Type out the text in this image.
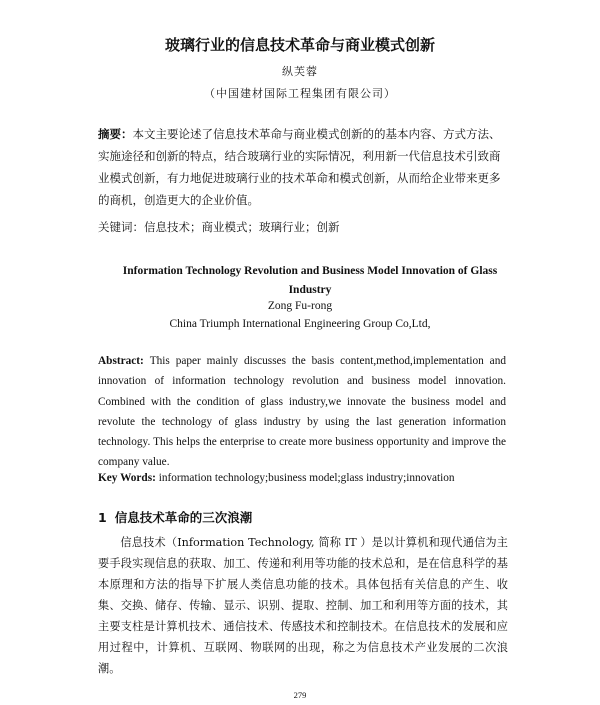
玻璃行业的信息技术革命与商业模式创新
纵芙蓉
（中国建材国际工程集团有限公司）
摘要：本文主要论述了信息技术革命与商业模式创新的的基本内容、方式方法、实施途径和创新的特点，结合玻璃行业的实际情况，利用新一代信息技术引致商业模式创新，有力地促进玻璃行业的技术革命和模式创新，从而给企业带来更多的商机，创造更大的企业价值。
关键词：信息技术；商业模式；玻璃行业；创新
Information Technology Revolution and Business Model Innovation of Glass Industry
Zong Fu-rong
China Triumph International Engineering Group Co,Ltd,
Abstract: This paper mainly discusses the basis content,method,implementation and innovation of information technology revolution and business model innovation. Combined with the condition of glass industry,we innovate the business model and revolute the technology of glass industry by using the last generation information technology. This helps the enterprise to create more business opportunity and improve the company value.
Key Words: information technology;business model;glass industry;innovation
1 信息技术革命的三次浪潮

信息技术（Information Technology, 简称 IT ）是以计算机和现代通信为主要手段实现信息的获取、加工、传递和利用等功能的技术总和，是在信息科学的基本原理和方法的指导下扩展人类信息功能的技术。具体包括有关信息的产生、收集、交换、储存、传输、显示、识别、提取、控制、加工和利用等方面的技术，其主要支柱是计算机技术、通信技术、传感技术和控制技术。在信息技术的发展和应用过程中，计算机、互联网、物联网的出现，称之为信息技术产业发展的二次浪潮。

279
